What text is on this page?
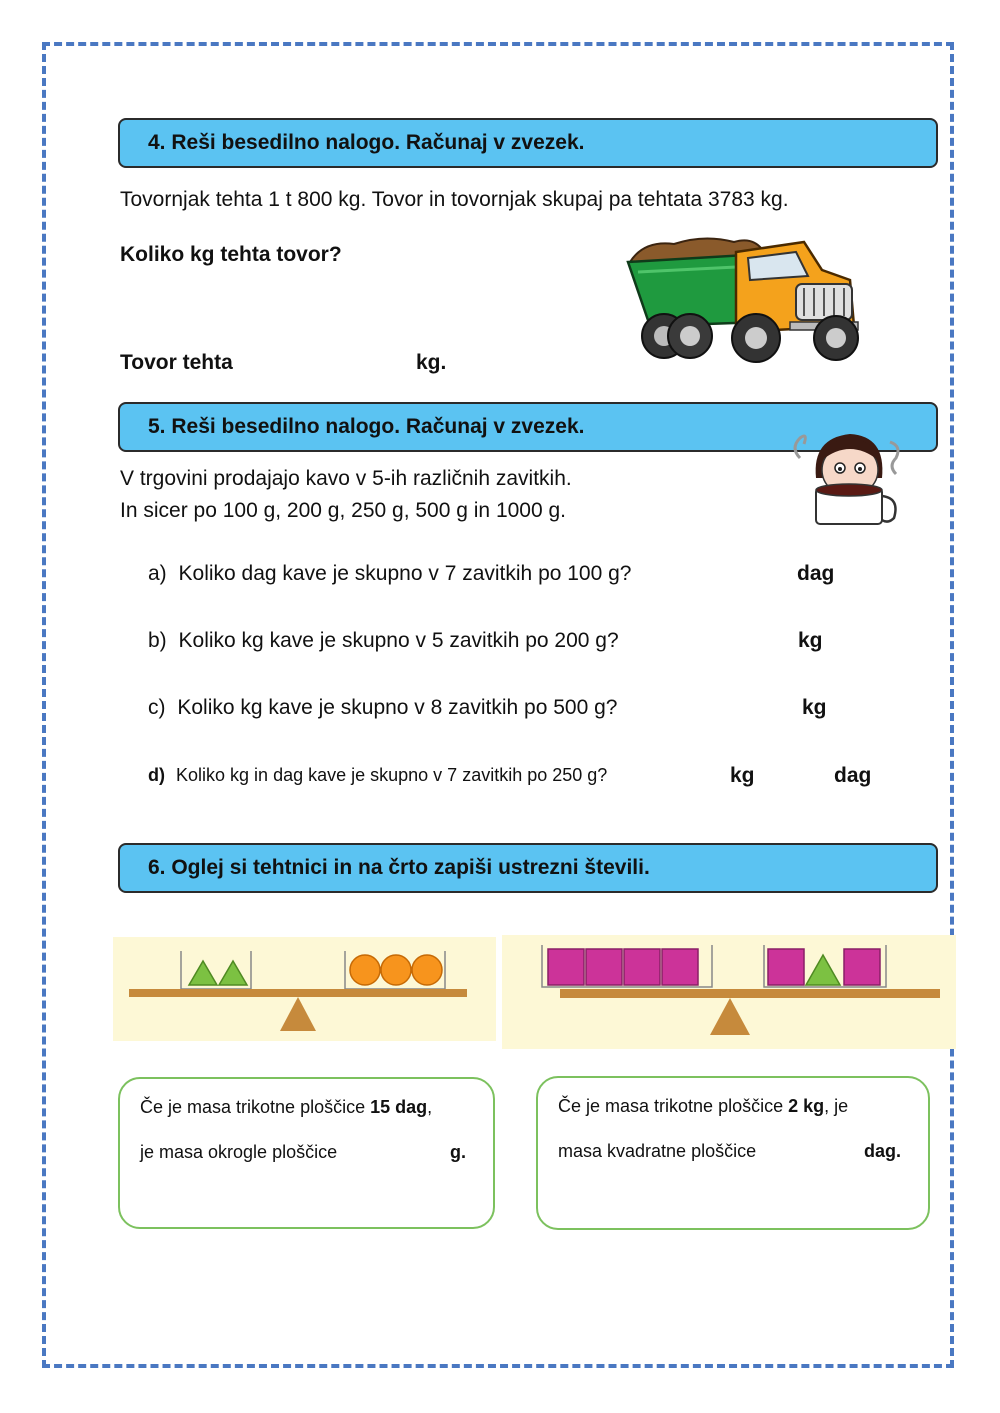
4. Reši besedilno nalogo. Računaj v zvezek.
Tovornjak tehta 1 t 800 kg. Tovor in tovornjak skupaj pa tehtata 3783 kg.
Koliko kg tehta tovor?
Tovor tehta	kg.
5. Reši besedilno nalogo. Računaj v zvezek.
V trgovini prodajajo kavo v 5-ih različnih zavitkih.
In sicer po 100 g, 200 g, 250 g, 500 g in 1000 g.
a) Koliko dag kave je skupno v 7 zavitkih po 100 g?	dag
b) Koliko kg kave je skupno v 5 zavitkih po 200 g?	kg
c) Koliko kg kave je skupno v 8 zavitkih po 500 g?	kg
d) Koliko kg in dag kave je skupno v 7 zavitkih po 250 g?	kg	dag
6. Oglej si tehtnici in na črto zapiši ustrezni števili.
Če je masa trikotne ploščice 15 dag,
je masa okrogle ploščice	g.
Če je masa trikotne ploščice 2 kg, je
masa kvadratne ploščice	dag.
